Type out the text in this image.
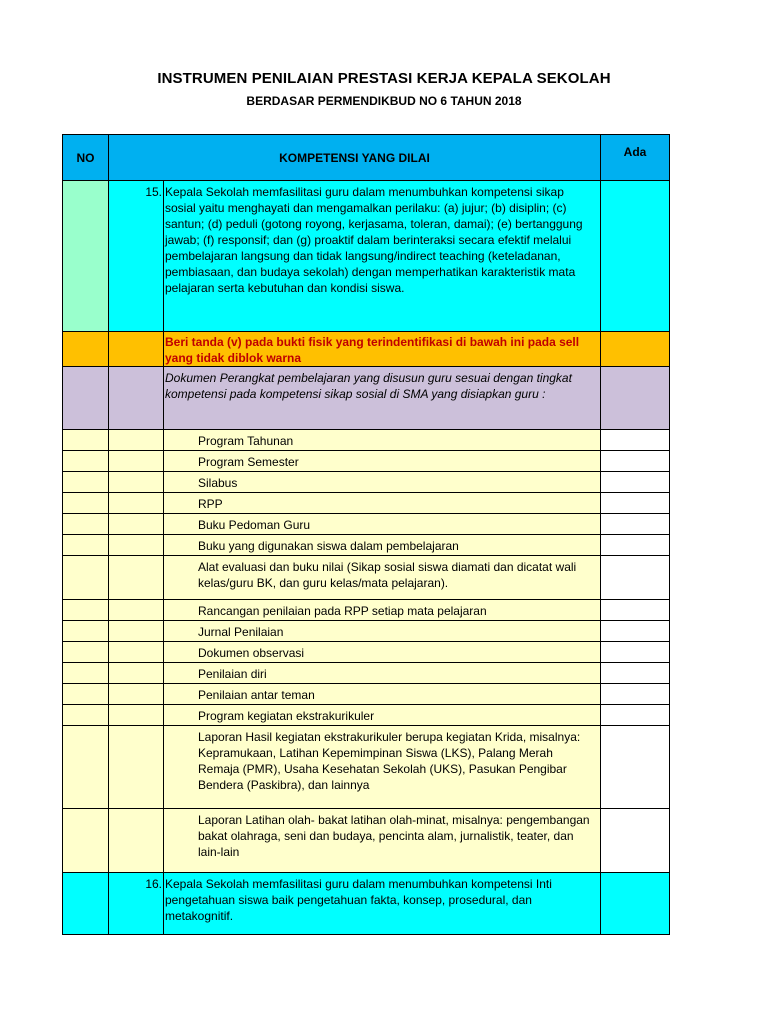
INSTRUMEN PENILAIAN PRESTASI KERJA KEPALA SEKOLAH
BERDASAR PERMENDIKBUD NO 6 TAHUN 2018
NO	KOMPETENSI YANG DILAI		Ada
	15.	Kepala Sekolah memfasilitasi guru dalam menumbuhkan kompetensi sikap sosial yaitu menghayati dan mengamalkan perilaku: (a) jujur; (b) disiplin; (c) santun; (d) peduli (gotong royong, kerjasama, toleran, damai); (e) bertanggung jawab; (f) responsif; dan (g) proaktif dalam berinteraksi secara efektif melalui pembelajaran langsung dan tidak langsung/indirect teaching (keteladanan, pembiasaan, dan budaya sekolah) dengan memperhatikan karakteristik mata pelajaran serta kebutuhan dan kondisi siswa.	
		Beri tanda (v) pada bukti fisik yang terindentifikasi di bawah ini pada sell yang tidak diblok warna	
		Dokumen Perangkat pembelajaran yang disusun guru sesuai dengan tingkat kompetensi pada kompetensi sikap sosial di SMA yang disiapkan guru :	
		Program Tahunan	
		Program Semester	
		Silabus	
		RPP	
		Buku Pedoman Guru	
		Buku yang digunakan siswa dalam pembelajaran	
		Alat evaluasi dan buku nilai (Sikap sosial siswa diamati dan dicatat wali kelas/guru BK, dan guru kelas/mata pelajaran).	
		Rancangan penilaian pada RPP setiap mata pelajaran	
		Jurnal Penilaian	
		Dokumen observasi	
		Penilaian diri	
		Penilaian antar teman	
		Program kegiatan ekstrakurikuler	
		Laporan Hasil kegiatan ekstrakurikuler berupa kegiatan Krida, misalnya: Kepramukaan, Latihan Kepemimpinan Siswa (LKS), Palang Merah Remaja (PMR), Usaha Kesehatan Sekolah (UKS), Pasukan Pengibar Bendera (Paskibra), dan lainnya	
		Laporan Latihan olah- bakat latihan olah-minat, misalnya: pengembangan bakat olahraga, seni dan budaya, pencinta alam, jurnalistik, teater, dan lain-lain	
	16.	Kepala Sekolah memfasilitasi guru dalam menumbuhkan kompetensi Inti pengetahuan siswa baik pengetahuan fakta, konsep, prosedural, dan metakognitif.	
